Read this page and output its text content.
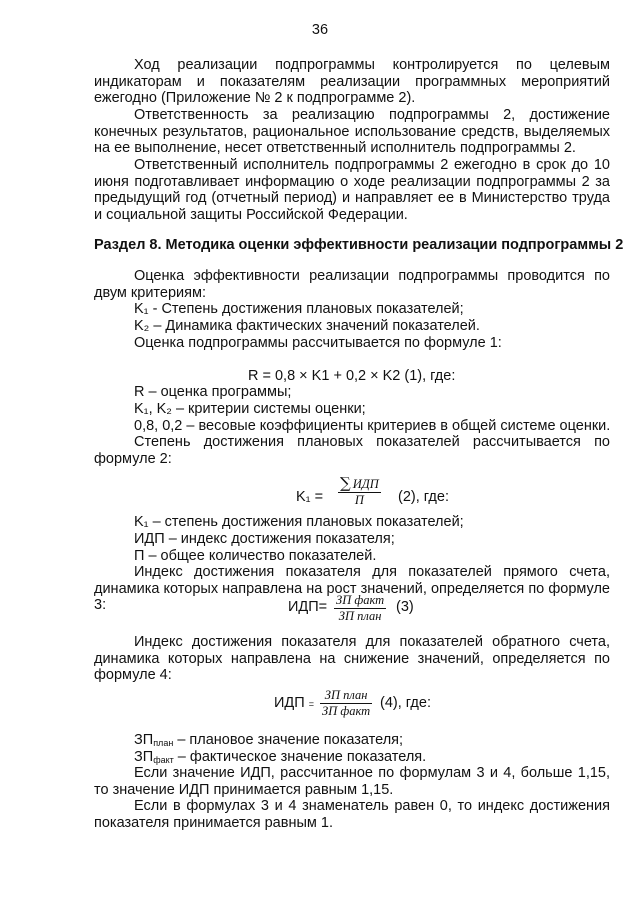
36

Ход реализации подпрограммы контролируется по целевым индикаторам и показателям реализации программных мероприятий ежегодно (Приложение № 2 к подпрограмме 2).

Ответственность за реализацию подпрограммы 2, достижение конечных результатов, рациональное использование средств, выделяемых на ее выполнение, несет ответственный исполнитель подпрограммы 2.

Ответственный исполнитель подпрограммы 2 ежегодно в срок до 10 июня подготавливает информацию о ходе реализации подпрограммы 2 за предыдущий год (отчетный период) и направляет ее в Министерство труда и социальной защиты Российской Федерации.

Раздел 8. Методика оценки эффективности реализации подпрограммы 2

Оценка эффективности реализации подпрограммы проводится по двум критериям:

K₁ - Степень достижения плановых показателей;
K₂ – Динамика фактических значений показателей.
Оценка подпрограммы рассчитывается по формуле 1:
R = 0,8 × K1 + 0,2 × K2 (1), где:
R – оценка программы;
K₁, K₂ – критерии системы оценки;
0,8, 0,2 – весовые коэффициенты критериев в общей системе оценки.

Степень достижения плановых показателей рассчитывается по формуле 2:

K₁ =
∑ ИДП
П (2), где:
K₁ – степень достижения плановых показателей;
ИДП – индекс достижения показателя;
П – общее количество показателей.

Индекс достижения показателя для показателей прямого счета, динамика которых направлена на рост значений, определяется по формуле 3:	ИДП= ЗП факт
ЗП план
(3)

Индекс достижения показателя для показателей обратного счета, динамика которых направлена на снижение значений, определяется по формуле 4:

ИДП =
ЗП план
ЗП факт (4), где:
$ЗП_{план}$ – плановое значение показателя;
$ЗП_{факт}$ – фактическое значение показателя.

Если значение ИДП, рассчитанное по формулам 3 и 4, больше 1,15, то значение ИДП принимается равным 1,15.

Если в формулах 3 и 4 знаменатель равен 0, то индекс достижения показателя принимается равным 1.
